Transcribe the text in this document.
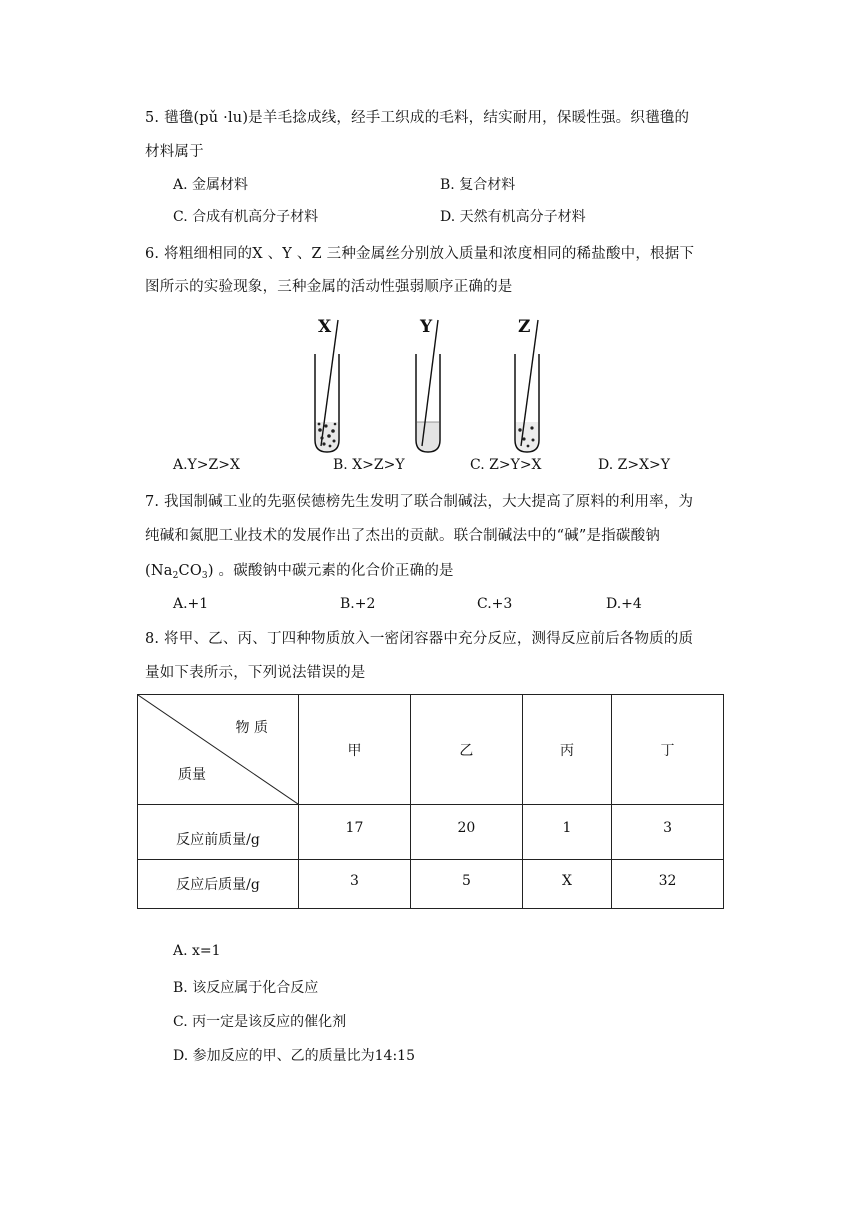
5. 氆氇(pǔ ·lu)是羊毛捻成线，经手工织成的毛料，结实耐用，保暖性强。织氆氇的
材料属于
A. 金属材料	B. 复合材料
C. 合成有机高分子材料	D. 天然有机高分子材料
6. 将粗细相同的X 、Y 、Z 三种金属丝分别放入质量和浓度相同的稀盐酸中，根据下
图所示的实验现象，三种金属的活动性强弱顺序正确的是
X	Y	Z
A.Y>Z>X	B. X>Z>Y	C. Z>Y>X	D. Z>X>Y
7. 我国制碱工业的先驱侯德榜先生发明了联合制碱法，大大提高了原料的利用率，为
纯碱和氮肥工业技术的发展作出了杰出的贡献。联合制碱法中的“碱”是指碳酸钠
$(Na_2CO_3)$ 。碳酸钠中碳元素的化合价正确的是
A.+1	B.+2	C.+3	D.+4
8. 将甲、乙、丙、丁四种物质放入一密闭容器中充分反应，测得反应前后各物质的质
量如下表所示，下列说法错误的是
物 质
质量	甲	乙	丙	丁
反应前质量/g	17	20	1	3
反应后质量/g	3	5	X	32
A. x=1
B. 该反应属于化合反应
C. 丙一定是该反应的催化剂
D. 参加反应的甲、乙的质量比为14:15
